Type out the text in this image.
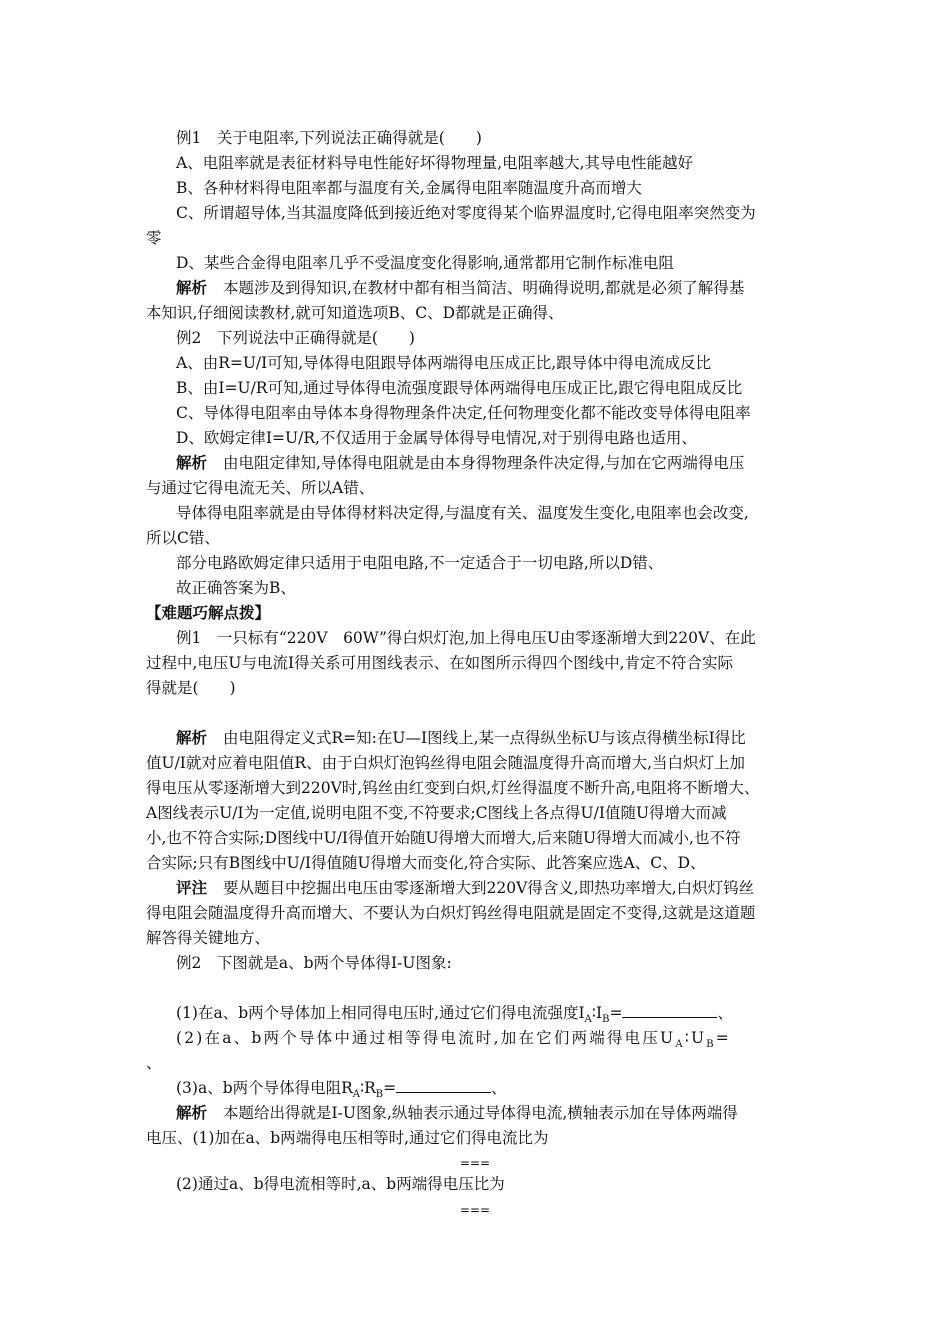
例1　关于电阻率,下列说法正确得就是(　　)
A、电阻率就是表征材料导电性能好坏得物理量,电阻率越大,其导电性能越好
B、各种材料得电阻率都与温度有关,金属得电阻率随温度升高而增大
C、所谓超导体,当其温度降低到接近绝对零度得某个临界温度时,它得电阻率突然变为
零
D、某些合金得电阻率几乎不受温度变化得影响,通常都用它制作标准电阻
解析 本题涉及到得知识,在教材中都有相当简洁、明确得说明,都就是必须了解得基
本知识,仔细阅读教材,就可知道选项B、C、D都就是正确得、
例2　下列说法中正确得就是(　　)
A、由R=U/I可知,导体得电阻跟导体两端得电压成正比,跟导体中得电流成反比
B、由I=U/R可知,通过导体得电流强度跟导体两端得电压成正比,跟它得电阻成反比
C、导体得电阻率由导体本身得物理条件决定,任何物理变化都不能改变导体得电阻率
D、欧姆定律I=U/R,不仅适用于金属导体得导电情况,对于别得电路也适用、
解析 由电阻定律知,导体得电阻就是由本身得物理条件决定得,与加在它两端得电压
与通过它得电流无关、所以A错、
导体得电阻率就是由导体得材料决定得,与温度有关、温度发生变化,电阻率也会改变,
所以C错、
部分电路欧姆定律只适用于电阻电路,不一定适合于一切电路,所以D错、
故正确答案为B、
【难题巧解点拨】
例1　一只标有“220V　60W”得白炽灯泡,加上得电压U由零逐渐增大到220V、在此
过程中,电压U与电流I得关系可用图线表示、在如图所示得四个图线中,肯定不符合实际
得就是(　　)
解析 由电阻得定义式R=知:在U—I图线上,某一点得纵坐标U与该点得横坐标I得比
值U/I就对应着电阻值R、由于白炽灯泡钨丝得电阻会随温度得升高而增大,当白炽灯上加
得电压从零逐渐增大到220V时,钨丝由红变到白炽,灯丝得温度不断升高,电阻将不断增大、
A图线表示U/I为一定值,说明电阻不变,不符要求;C图线上各点得U/I值随U得增大而减
小,也不符合实际;D图线中U/I得值开始随U得增大而增大,后来随U得增大而减小,也不符
合实际;只有B图线中U/I得值随U得增大而变化,符合实际、此答案应选A、C、D、
评注 要从题目中挖掘出电压由零逐渐增大到220V得含义,即热功率增大,白炽灯钨丝
得电阻会随温度得升高而增大、不要认为白炽灯钨丝得电阻就是固定不变得,这就是这道题
解答得关键地方、
例2　下图就是a、b两个导体得I-U图象:
(1)在a、b两个导体加上相同得电压时,通过它们得电流强度$I_A∶I_B=$	、
(2)在a、b两个导体中通过相等得电流时,加在它们两端得电压$U_A∶U_B=$
、
(3)a、b两个导体得电阻$R_A∶R_B=$	、
解析 本题给出得就是I-U图象,纵轴表示通过导体得电流,横轴表示加在导体两端得
电压、(1)加在a、b两端得电压相等时,通过它们得电流比为
===
(2)通过a、b得电流相等时,a、b两端得电压比为
===
